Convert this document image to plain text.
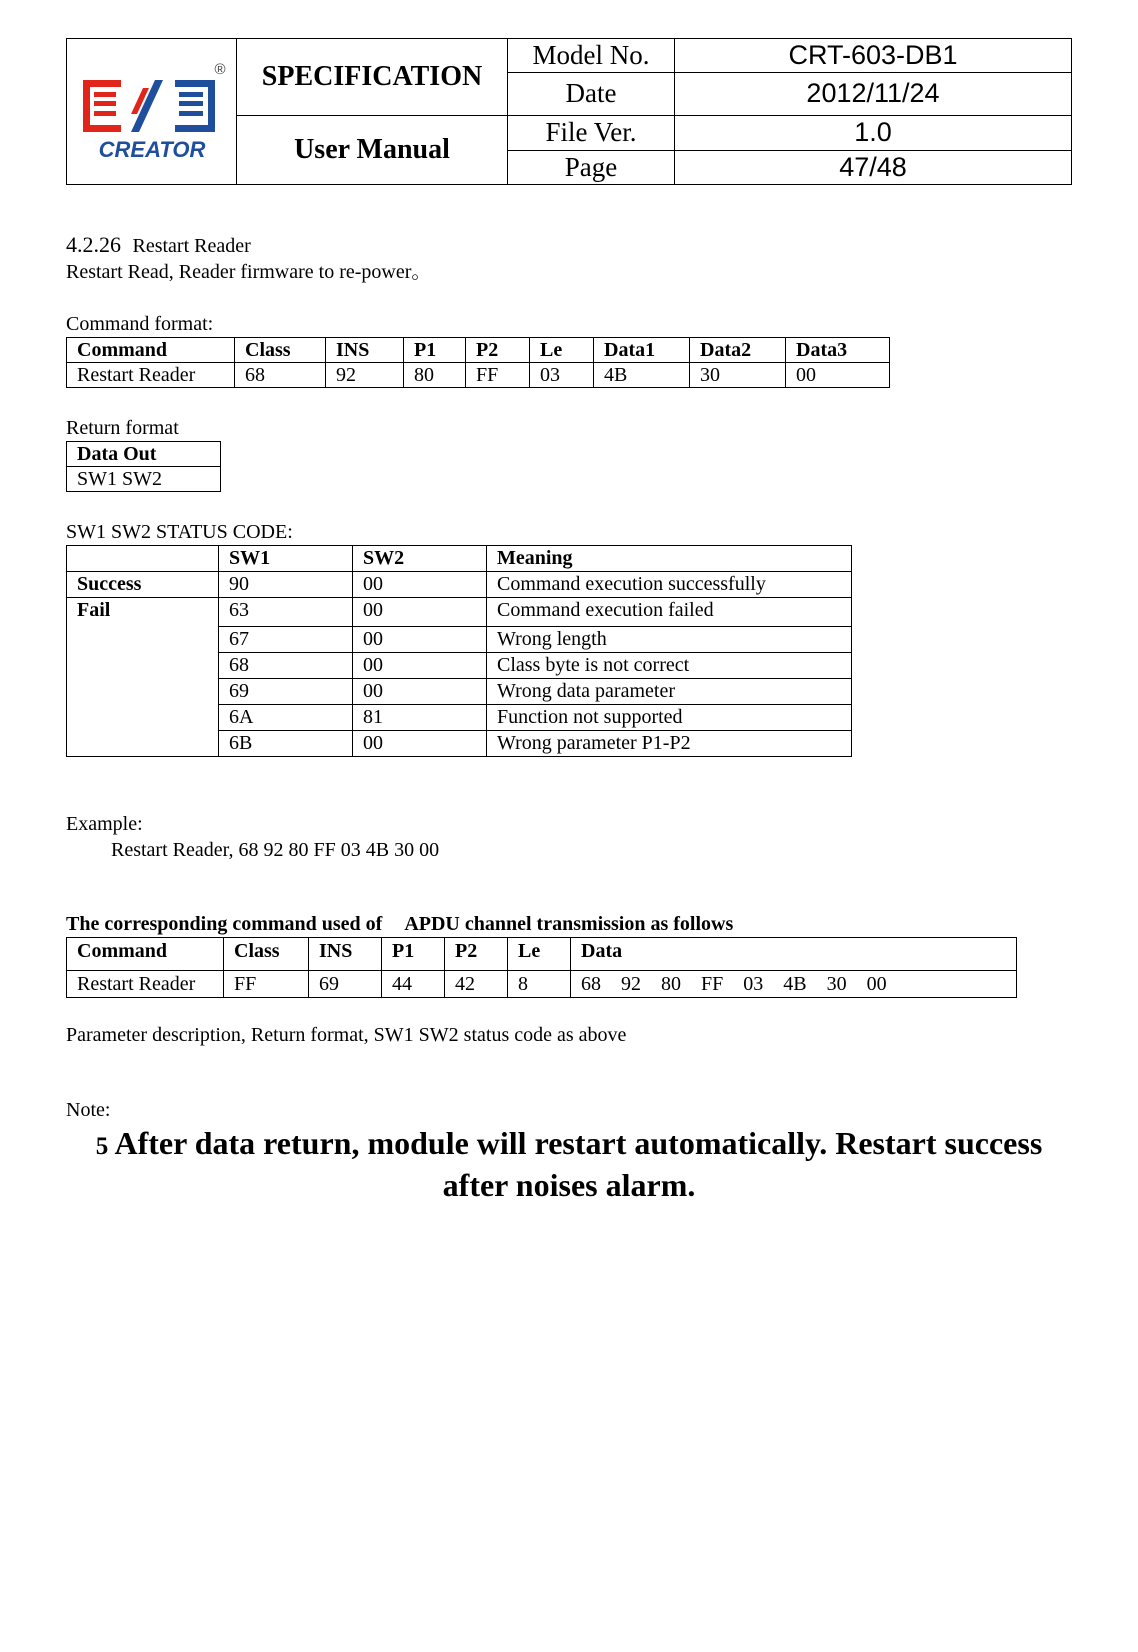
CREATOR
®	SPECIFICATION	Model No.	CRT-603-DB1
		Date	2012/11/24
	User Manual	File Ver.	1.0
		Page	47/48
4.2.26 Restart Reader
Restart Read, Reader firmware to re-power。
Command format:
Command	Class	INS	P1	P2	Le	Data1	Data2	Data3
Restart Reader	68	92	80	FF	03	4B	30	00
Return format
Data Out
SW1 SW2
SW1 SW2 STATUS CODE:
	SW1	SW2	Meaning
Success	90	00	Command execution successfully
Fail	63	00	Command execution failed
	67	00	Wrong length
	68	00	Class byte is not correct
	69	00	Wrong data parameter
	6A	81	Function not supported
	6B	00	Wrong parameter P1-P2
Example:
Restart Reader, 68 92 80 FF 03 4B 30 00
The corresponding command used of APDU channel transmission as follows
Command	Class	INS	P1	P2	Le	Data
Restart Reader	FF	69	44	42	8	68 92 80 FF 03 4B 30 00
Parameter description, Return format, SW1 SW2 status code as above
Note:
5 After data return, module will restart automatically. Restart success
after noises alarm.
